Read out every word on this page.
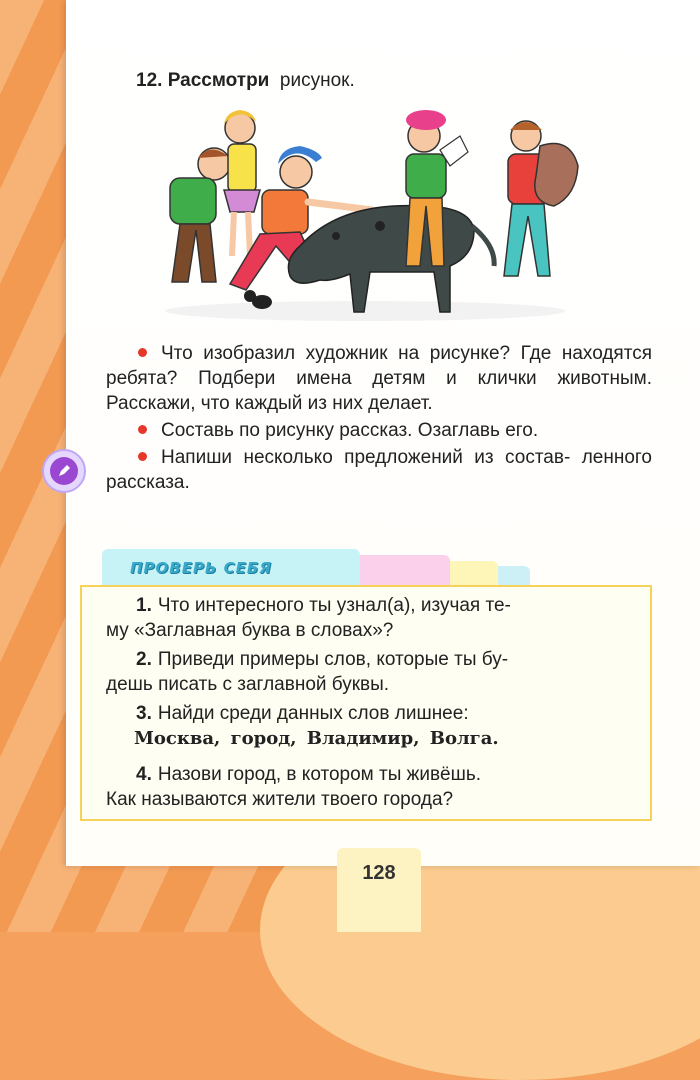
12. Рассмотри рисунок.

Что изобразил художник на рисунке? Где находятся ребята? Подбери имена детям и клички животным. Расскажи, что каждый из них делает.

Составь по рисунку рассказ. Озаглавь его.

Напиши несколько предложений из состав- ленного рассказа.

ПРОВЕРЬ СЕБЯ
1. Что интересного ты узнал(а), изучая те-
му «Заглавная буква в словах»?
2. Приведи примеры слов, которые ты бу-
дешь писать с заглавной буквы.
3. Найди среди данных слов лишнее:
Москва, город, Владимир, Волга.
4. Назови город, в котором ты живёшь.
Как называются жители твоего города?
128
